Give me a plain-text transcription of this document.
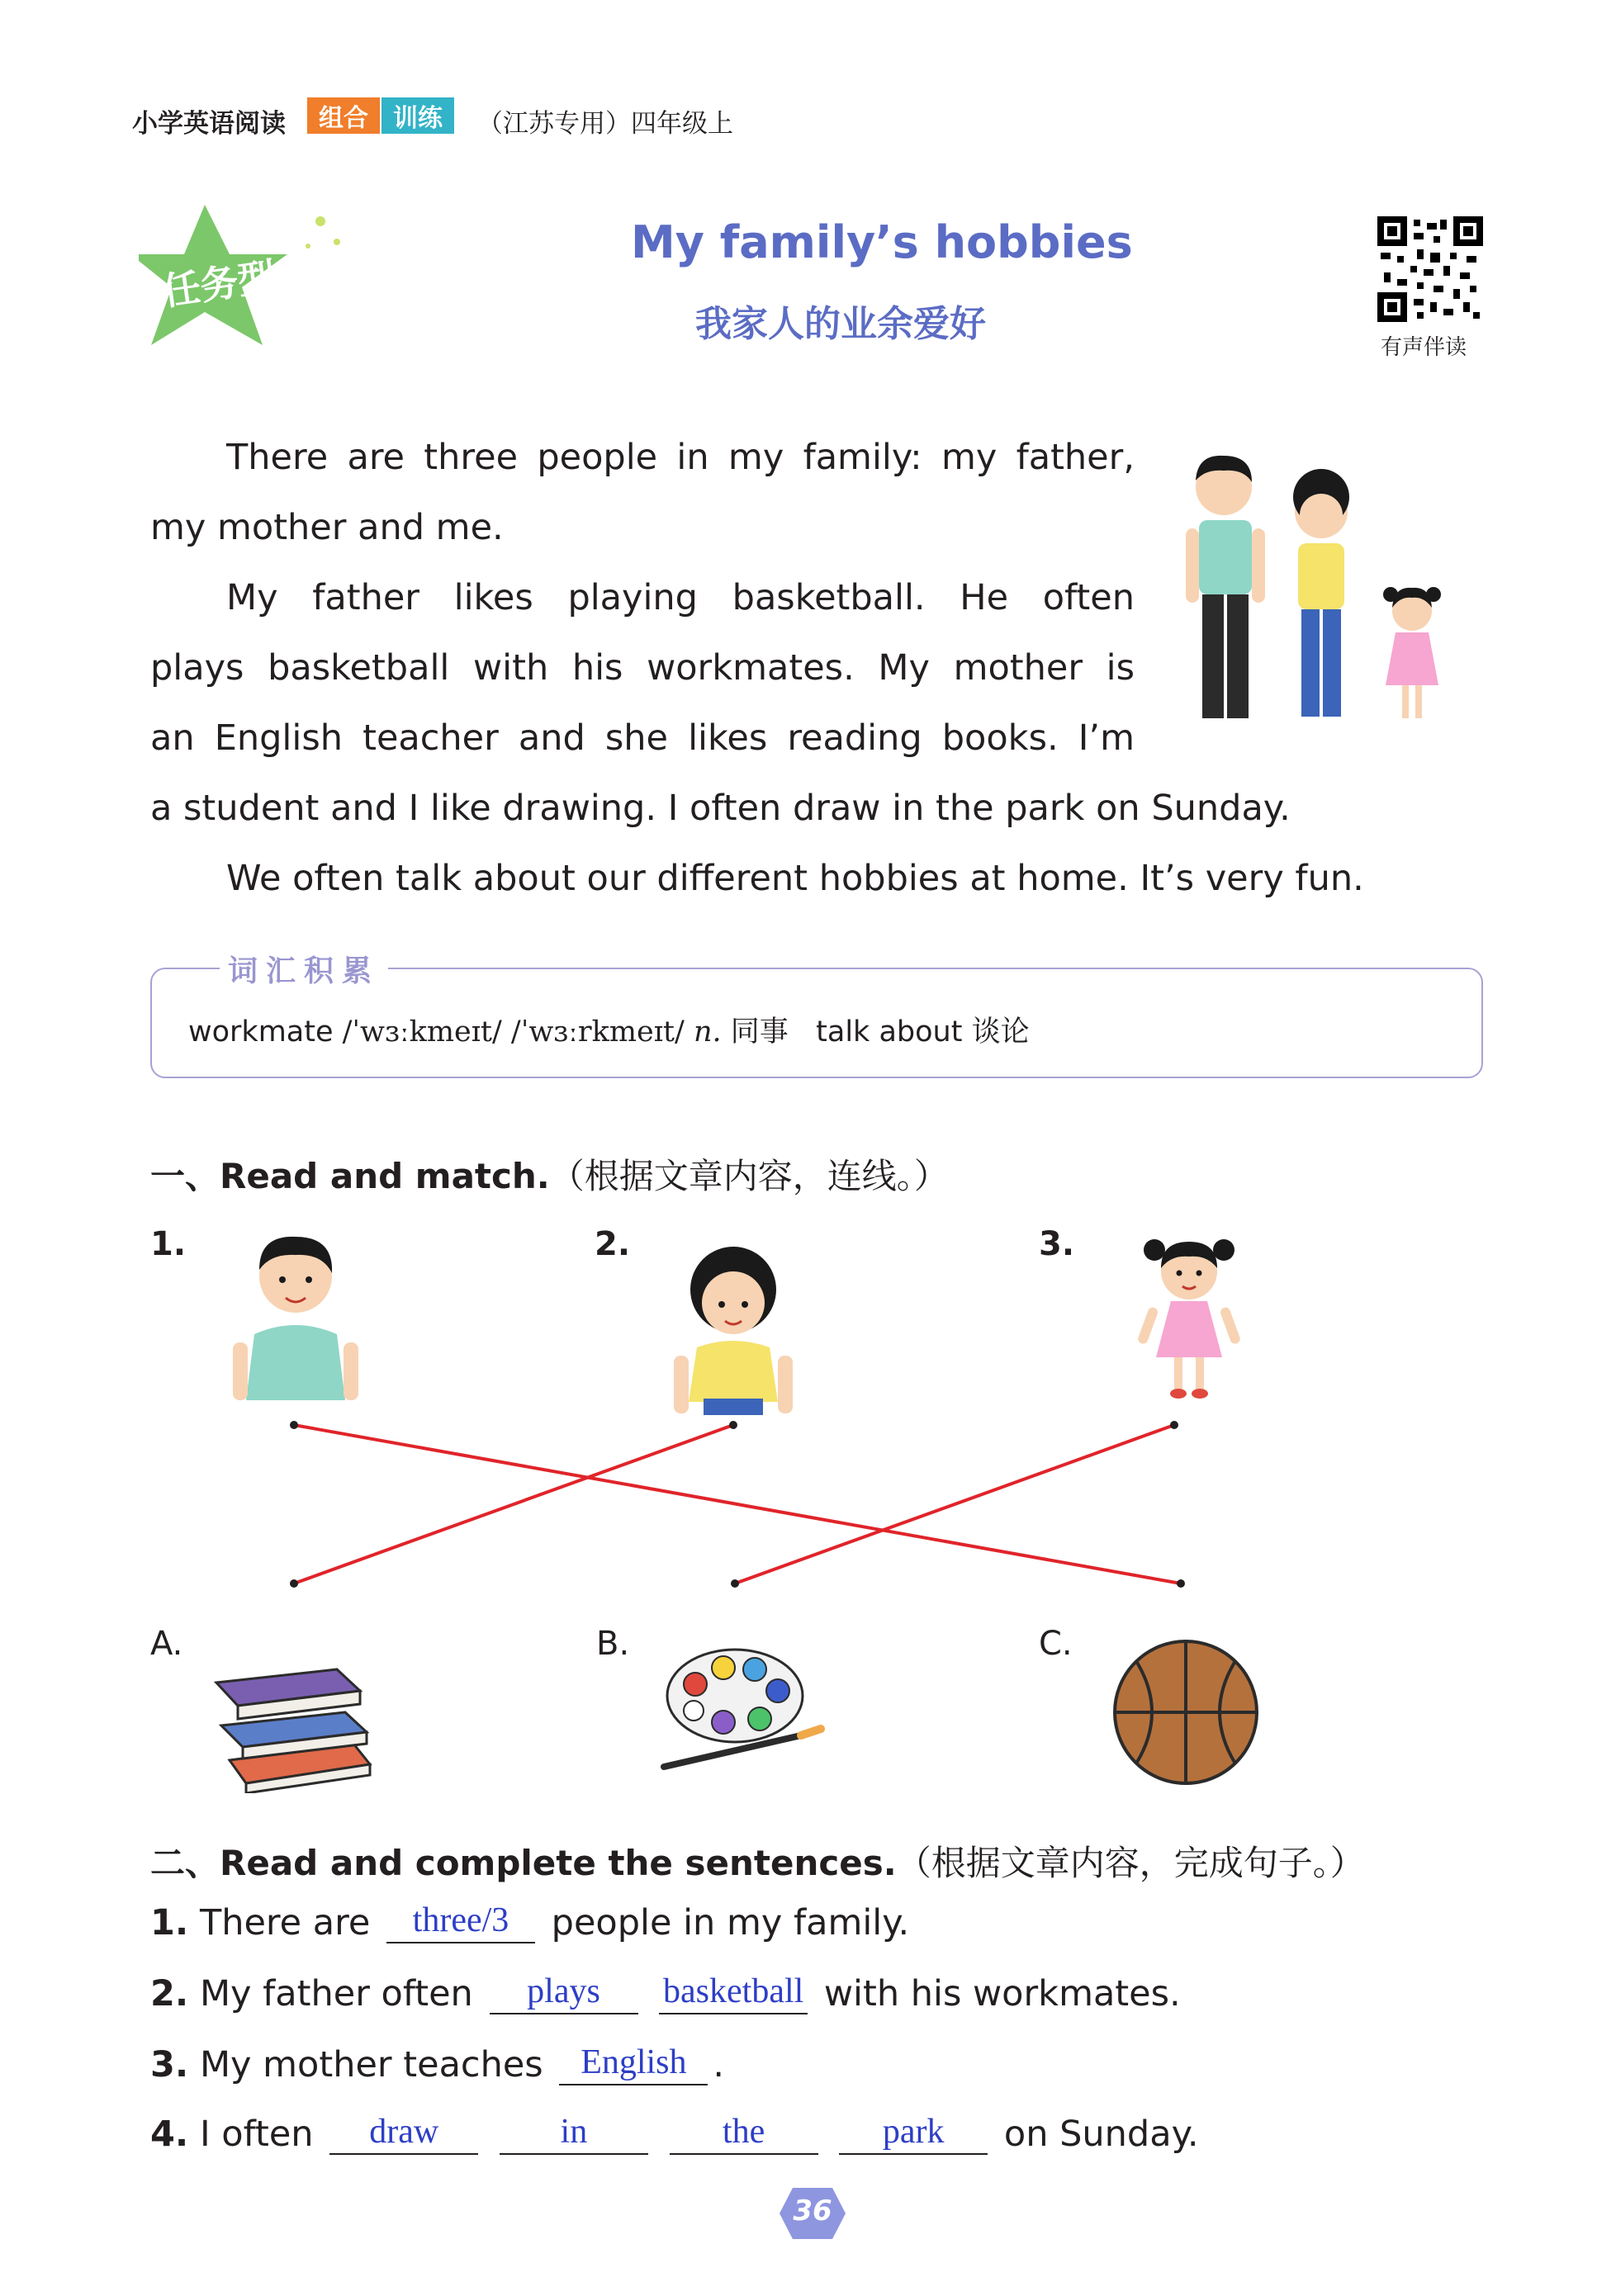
小学英语阅读	组合	训练	（江苏专用）四年级上
任务型
阅读
My family’s hobbies
我家人的业余爱好
有声伴读

There are three people in my family: my father,

my mother and me.

My father likes playing basketball. He often

plays basketball with his workmates. My mother is

an English teacher and she likes reading books. I’m

a student and I like drawing. I often draw in the park on Sunday.

We often talk about our different hobbies at home. It’s very fun.

词汇积累
workmate /ˈwɜːkmeɪt/ /ˈwɜːrkmeɪt/ n. 同事 talk about 谈论
一、Read and match.（根据文章内容，连线。）
1.	2.	3.
A.	B.	C.
二、Read and complete the sentences.（根据文章内容，完成句子。）
1. There are three/3 people in my family.
2. My father often plays basketball with his workmates.
3. My mother teaches English .
4. I often draw	in	the	park on Sunday.
36
